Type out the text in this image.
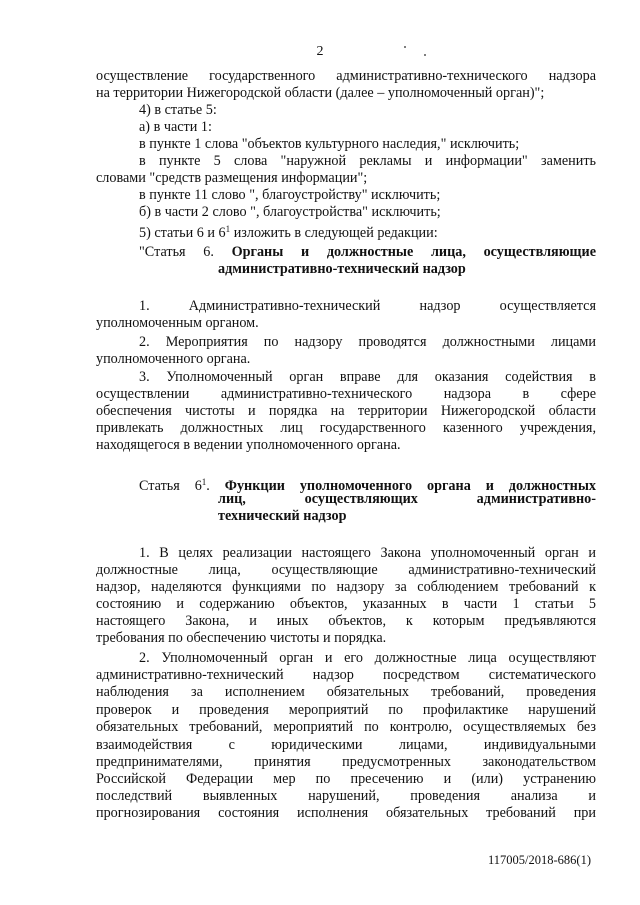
2
осуществление государственного административно-технического надзора
на территории Нижегородской области (далее – уполномоченный орган)";
4) в статье 5:
а) в части 1:
в пункте 1 слова "объектов культурного наследия," исключить;
в пункте 5 слова "наружной рекламы и информации" заменить
словами "средств размещения информации";
в пункте 11 слово ", благоустройству" исключить;
б) в части 2 слово ", благоустройства" исключить;
5) статьи 6 и $6^1$ изложить в следующей редакции:
"Статья 6. Органы и должностные лица, осуществляющие
административно-технический надзор
1. Административно-технический надзор осуществляется
уполномоченным органом.
2. Мероприятия по надзору проводятся должностными лицами
уполномоченного органа.
3. Уполномоченный орган вправе для оказания содействия в
осуществлении административно-технического надзора в сфере
обеспечения чистоты и порядка на территории Нижегородской области
привлекать должностных лиц государственного казенного учреждения,
находящегося в ведении уполномоченного органа.
Статья $6^1$. Функции уполномоченного органа и должностных
лиц, осуществляющих административно-
технический надзор
1. В целях реализации настоящего Закона уполномоченный орган и
должностные лица, осуществляющие административно-технический
надзор, наделяются функциями по надзору за соблюдением требований к
состоянию и содержанию объектов, указанных в части 1 статьи 5
настоящего Закона, и иных объектов, к которым предъявляются
требования по обеспечению чистоты и порядка.
2. Уполномоченный орган и его должностные лица осуществляют
административно-технический надзор посредством систематического
наблюдения за исполнением обязательных требований, проведения
проверок и проведения мероприятий по профилактике нарушений
обязательных требований, мероприятий по контролю, осуществляемых без
взаимодействия с юридическими лицами, индивидуальными
предпринимателями, принятия предусмотренных законодательством
Российской Федерации мер по пресечению и (или) устранению
последствий выявленных нарушений, проведения анализа и
прогнозирования состояния исполнения обязательных требований при
117005/2018-686(1)
